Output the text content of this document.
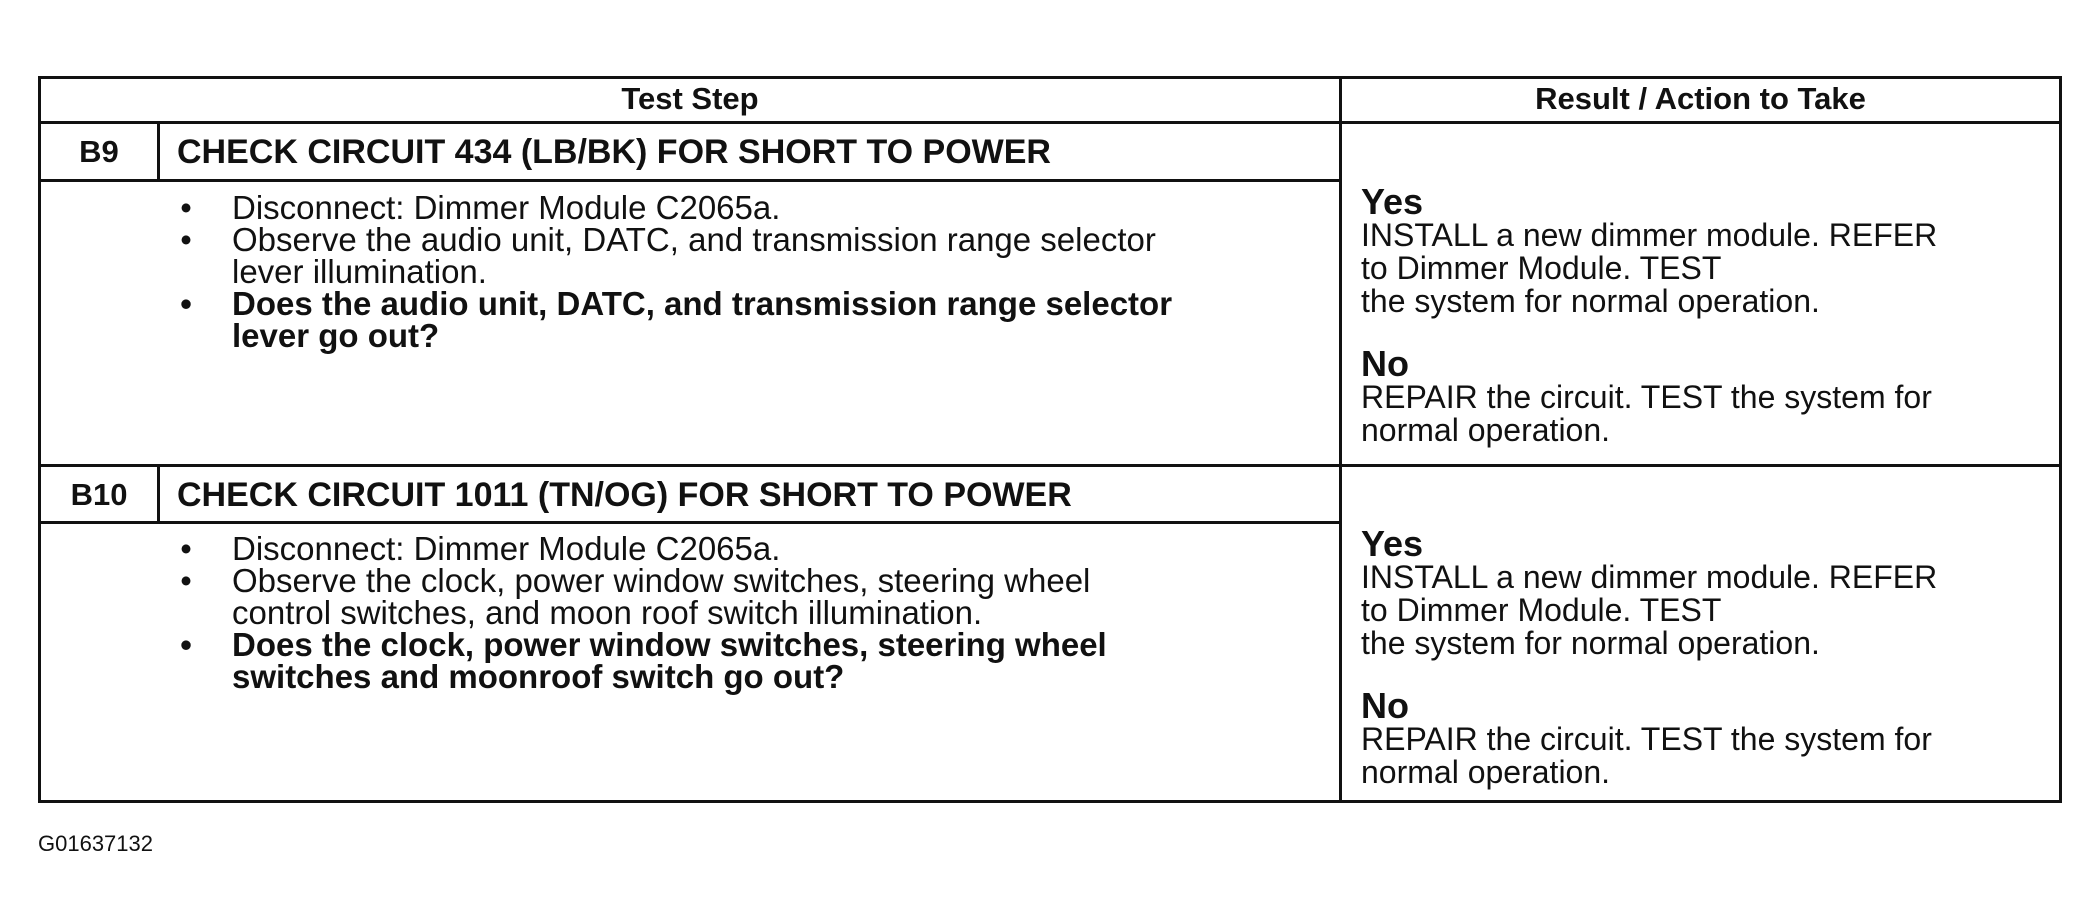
Test Step	Result / Action to Take
B9	CHECK CIRCUIT 434 (LB/BK) FOR SHORT TO POWER
• Disconnect: Dimmer Module C2065a.
• Observe the audio unit, DATC, and transmission range selector
lever illumination.
• Does the audio unit, DATC, and transmission range selector
lever go out?
Yes
INSTALL a new dimmer module. REFER
to Dimmer Module. TEST
the system for normal operation.
No
REPAIR the circuit. TEST the system for
normal operation.
B10	CHECK CIRCUIT 1011 (TN/OG) FOR SHORT TO POWER
• Disconnect: Dimmer Module C2065a.
• Observe the clock, power window switches, steering wheel
control switches, and moon roof switch illumination.
• Does the clock, power window switches, steering wheel
switches and moonroof switch go out?
Yes
INSTALL a new dimmer module. REFER
to Dimmer Module. TEST
the system for normal operation.
No
REPAIR the circuit. TEST the system for
normal operation.
G01637132
